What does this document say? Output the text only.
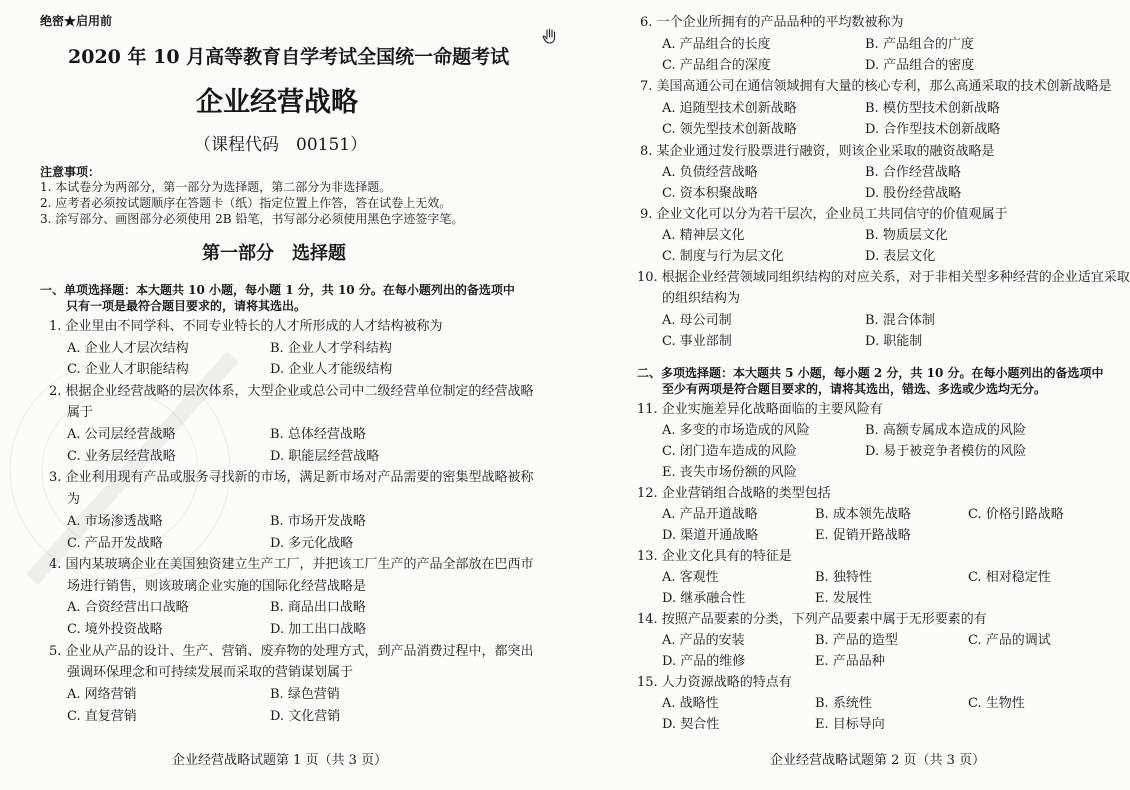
绝密★启用前
2020 年 10 月高等教育自学考试全国统一命题考试
企业经营战略
（课程代码　00151）
注意事项：
1. 本试卷分为两部分，第一部分为选择题，第二部分为非选择题。
2. 应考者必须按试题顺序在答题卡（纸）指定位置上作答，答在试卷上无效。
3. 涂写部分、画图部分必须使用 2B 铅笔，书写部分必须使用黑色字迹签字笔。
第一部分　选择题
一、单项选择题：本大题共 10 小题，每小题 1 分，共 10 分。在每小题列出的备选项中
只有一项是最符合题目要求的，请将其选出。
1. 企业里由不同学科、不同专业特长的人才所形成的人才结构被称为
A. 企业人才层次结构	B. 企业人才学科结构
C. 企业人才职能结构	D. 企业人才能级结构
2. 根据企业经营战略的层次体系，大型企业或总公司中二级经营单位制定的经营战略
属于
A. 公司层经营战略	B. 总体经营战略
C. 业务层经营战略	D. 职能层经营战略
3. 企业利用现有产品或服务寻找新的市场，满足新市场对产品需要的密集型战略被称
为
A. 市场渗透战略	B. 市场开发战略
C. 产品开发战略	D. 多元化战略
4. 国内某玻璃企业在美国独资建立生产工厂，并把该工厂生产的产品全部放在巴西市
场进行销售，则该玻璃企业实施的国际化经营战略是
A. 合资经营出口战略	B. 商品出口战略
C. 境外投资战略	D. 加工出口战略
5. 企业从产品的设计、生产、营销、废弃物的处理方式，到产品消费过程中，都突出
强调环保理念和可持续发展而采取的营销谋划属于
A. 网络营销	B. 绿色营销
C. 直复营销	D. 文化营销
企业经营战略试题第 1 页（共 3 页）
6. 一个企业所拥有的产品品种的平均数被称为
A. 产品组合的长度	B. 产品组合的广度
C. 产品组合的深度	D. 产品组合的密度
7. 美国高通公司在通信领域拥有大量的核心专利，那么高通采取的技术创新战略是
A. 追随型技术创新战略	B. 模仿型技术创新战略
C. 领先型技术创新战略	D. 合作型技术创新战略
8. 某企业通过发行股票进行融资，则该企业采取的融资战略是
A. 负债经营战略	B. 合作经营战略
C. 资本积聚战略	D. 股份经营战略
9. 企业文化可以分为若干层次，企业员工共同信守的价值观属于
A. 精神层文化	B. 物质层文化
C. 制度与行为层文化	D. 表层文化
10. 根据企业经营领域同组织结构的对应关系，对于非相关型多种经营的企业适宜采取
的组织结构为
A. 母公司制	B. 混合体制
C. 事业部制	D. 职能制
二、多项选择题：本大题共 5 小题，每小题 2 分，共 10 分。在每小题列出的备选项中
至少有两项是符合题目要求的，请将其选出，错选、多选或少选均无分。
11. 企业实施差异化战略面临的主要风险有
A. 多变的市场造成的风险	B. 高额专属成本造成的风险
C. 闭门造车造成的风险	D. 易于被竞争者模仿的风险
E. 丧失市场份额的风险
12. 企业营销组合战略的类型包括
A. 产品开道战略	B. 成本领先战略	C. 价格引路战略
D. 渠道开通战略	E. 促销开路战略
13. 企业文化具有的特征是
A. 客观性	B. 独特性	C. 相对稳定性
D. 继承融合性	E. 发展性
14. 按照产品要素的分类，下列产品要素中属于无形要素的有
A. 产品的安装	B. 产品的造型	C. 产品的调试
D. 产品的维修	E. 产品品种
15. 人力资源战略的特点有
A. 战略性	B. 系统性	C. 生物性
D. 契合性	E. 目标导向
企业经营战略试题第 2 页（共 3 页）
